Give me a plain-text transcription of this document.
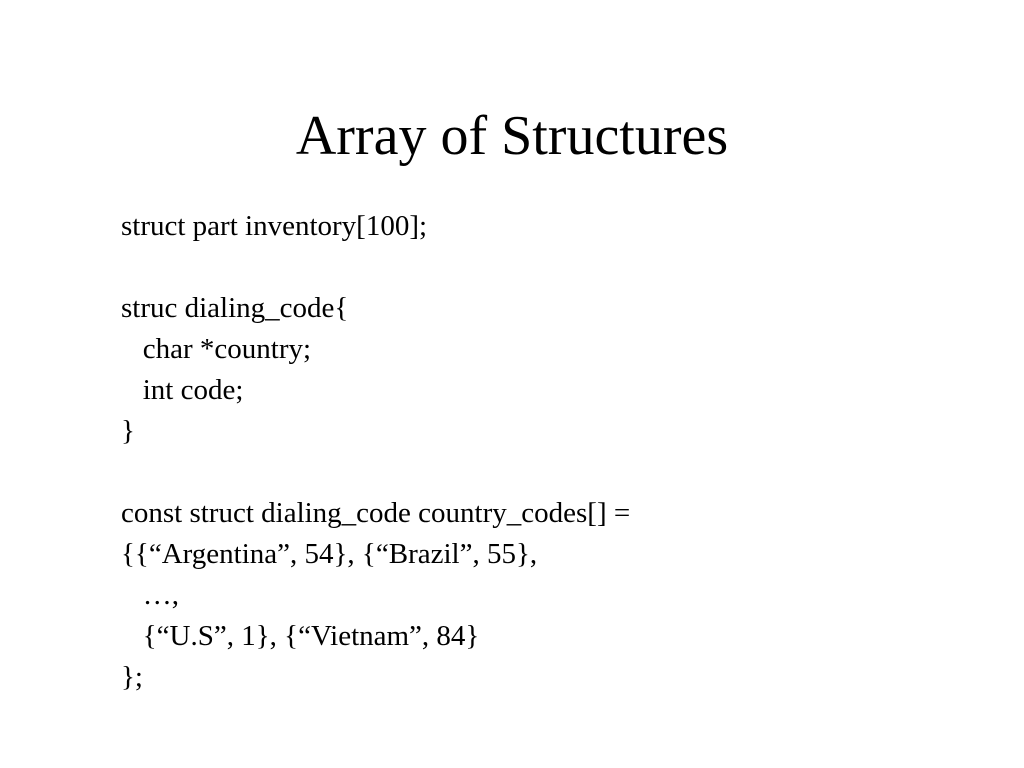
Array of Structures
struct part inventory[100];
struc dialing_code{
char *country;
int code;
}
const struct dialing_code country_codes[] =
{{“Argentina”, 54}, {“Brazil”, 55},
…,
{“U.S”, 1}, {“Vietnam”, 84}
};
